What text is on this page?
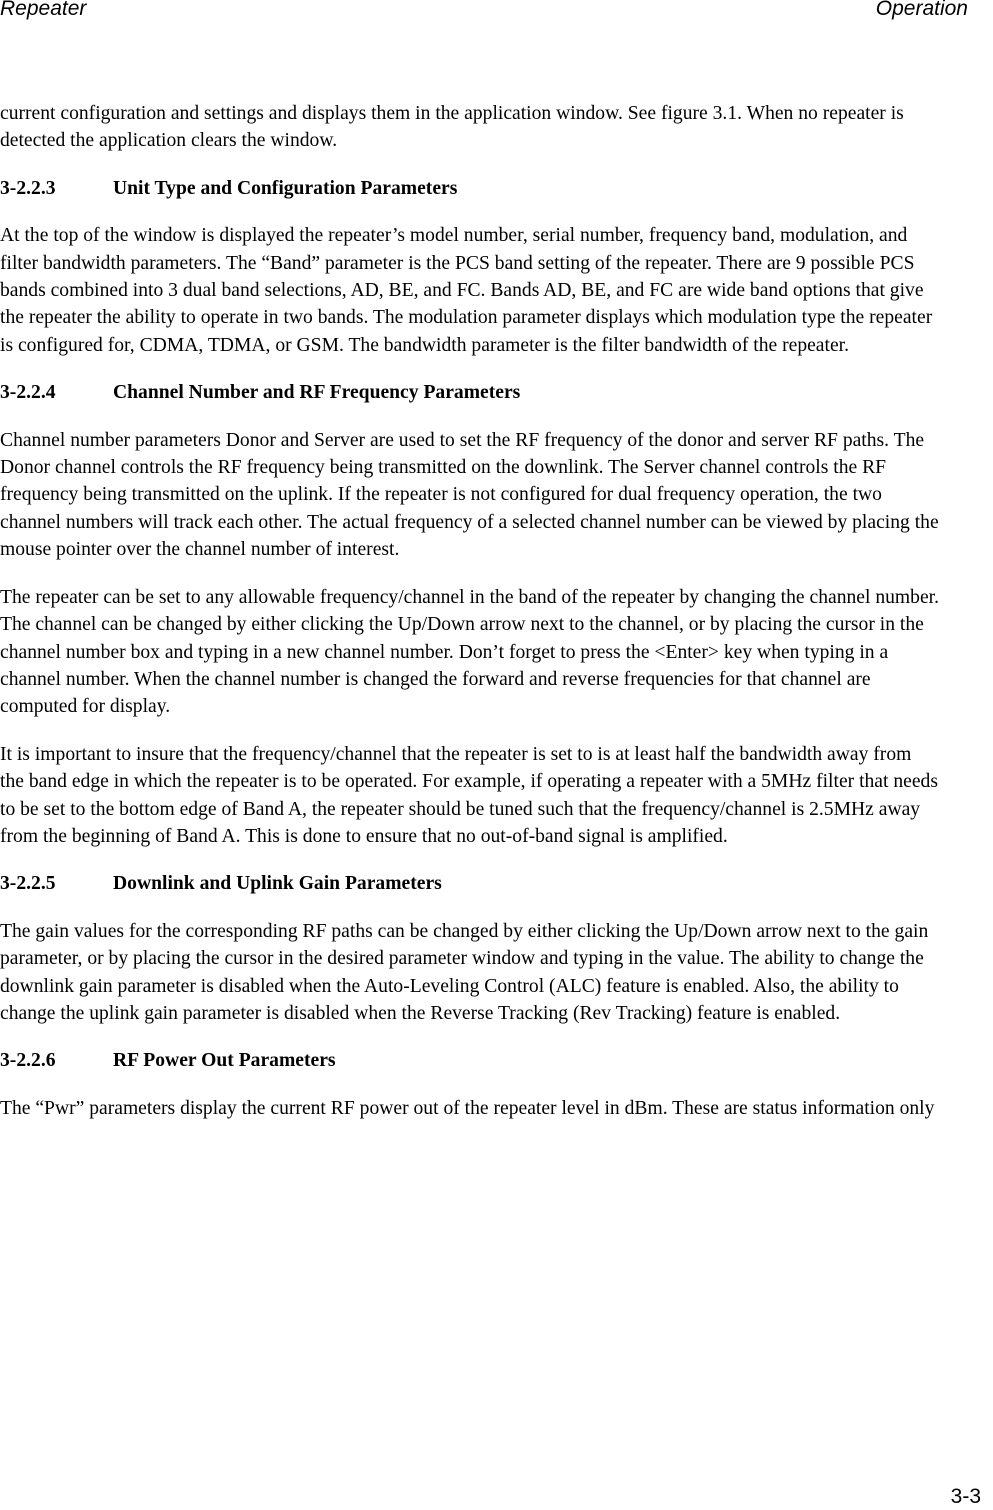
Repeater	Operation

current configuration and settings and displays them in the application window. See figure 3.1. When no repeater is detected the application clears the window.

3-2.2.3	Unit Type and Configuration Parameters

At the top of the window is displayed the repeater’s model number, serial number, frequency band, modulation, and filter bandwidth parameters. The “Band” parameter is the PCS band setting of the repeater. There are 9 possible PCS bands combined into 3 dual band selections, AD, BE, and FC. Bands AD, BE, and FC are wide band options that give the repeater the ability to operate in two bands. The modulation parameter displays which modulation type the repeater is configured for, CDMA, TDMA, or GSM. The bandwidth parameter is the filter bandwidth of the repeater.

3-2.2.4	Channel Number and RF Frequency Parameters

Channel number parameters Donor and Server are used to set the RF frequency of the donor and server RF paths. The Donor channel controls the RF frequency being transmitted on the downlink. The Server channel controls the RF frequency being transmitted on the uplink. If the repeater is not configured for dual frequency operation, the two channel numbers will track each other. The actual frequency of a selected channel number can be viewed by placing the mouse pointer over the channel number of interest.

The repeater can be set to any allowable frequency/channel in the band of the repeater by changing the channel number. The channel can be changed by either clicking the Up/Down arrow next to the channel, or by placing the cursor in the channel number box and typing in a new channel number. Don’t forget to press the <Enter> key when typing in a channel number. When the channel number is changed the forward and reverse frequencies for that channel are computed for display.

It is important to insure that the frequency/channel that the repeater is set to is at least half the bandwidth away from the band edge in which the repeater is to be operated. For example, if operating a repeater with a 5MHz filter that needs to be set to the bottom edge of Band A, the repeater should be tuned such that the frequency/channel is 2.5MHz away from the beginning of Band A. This is done to ensure that no out-of-band signal is amplified.

3-2.2.5	Downlink and Uplink Gain Parameters

The gain values for the corresponding RF paths can be changed by either clicking the Up/Down arrow next to the gain parameter, or by placing the cursor in the desired parameter window and typing in the value. The ability to change the downlink gain parameter is disabled when the Auto-Leveling Control (ALC) feature is enabled. Also, the ability to change the uplink gain parameter is disabled when the Reverse Tracking (Rev Tracking) feature is enabled.

3-2.2.6	RF Power Out Parameters

The “Pwr” parameters display the current RF power out of the repeater level in dBm. These are status information only

3-3
